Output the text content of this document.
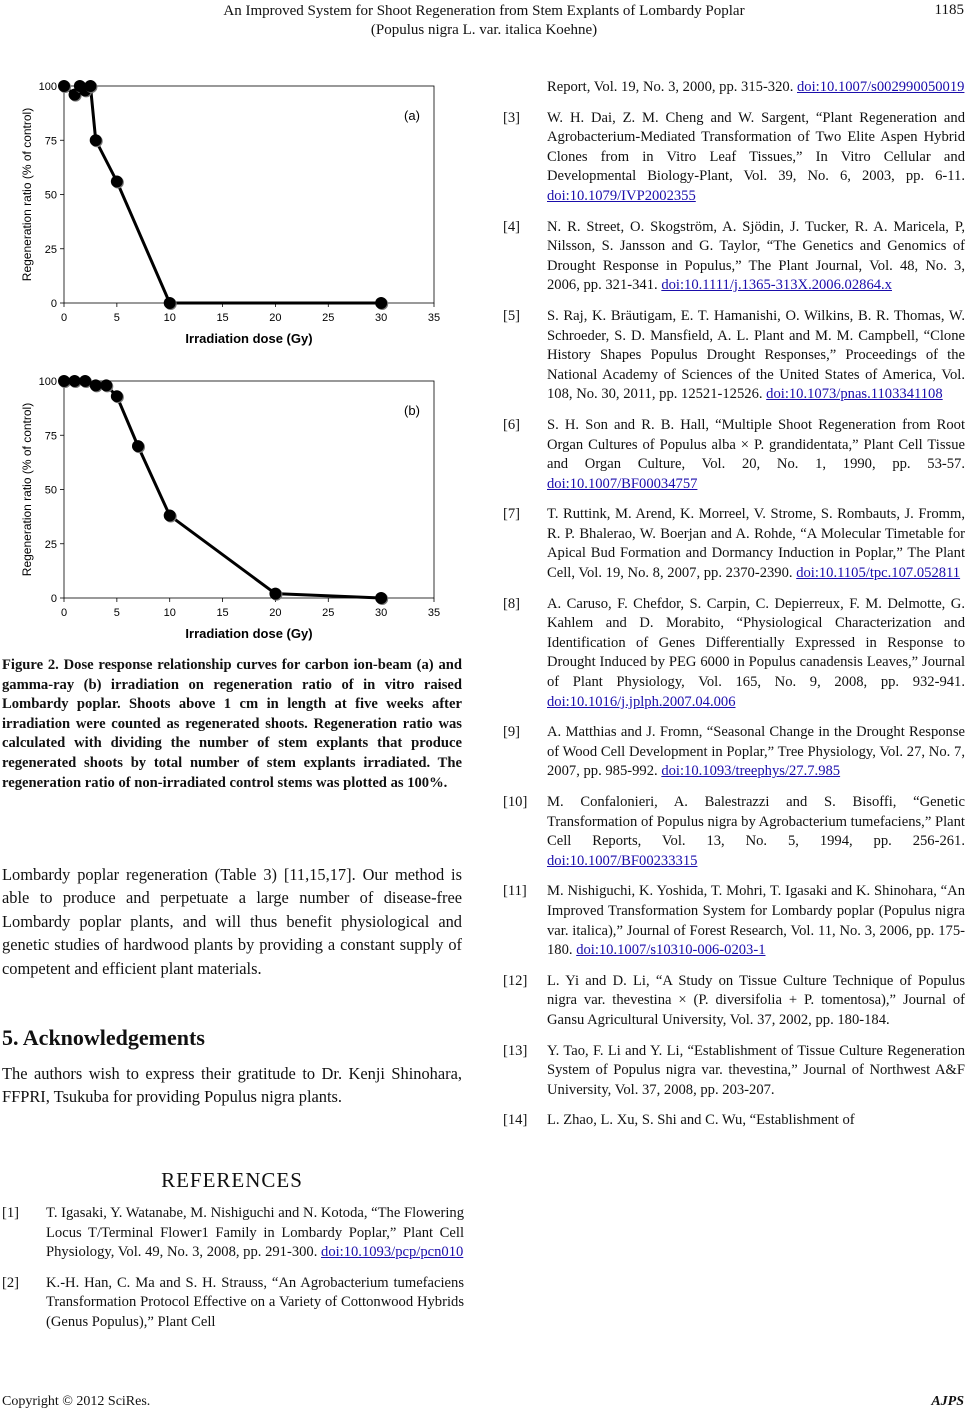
An Improved System for Shoot Regeneration from Stem Explants of Lombardy Poplar
(Populus nigra L. var. italica Koehne)
1185
0	5	10	15	20	25	30	35
0
25
50
75
100
Irradiation dose (Gy)
Regeneration ratio (% of control)	(a)
0	5	10	15	20	25	30	35
0
25
50
75
100
Irradiation dose (Gy)
Regeneration ratio (% of control)	(b)
Figure 2. Dose response relationship curves for carbon ion-beam (a) and gamma-ray (b) irradiation on regeneration ratio of in vitro raised Lombardy poplar. Shoots above 1 cm in length at five weeks after irradiation were counted as regenerated shoots. Regeneration ratio was calculated with dividing the number of stem explants that produce regenerated shoots by total number of stem explants irradiated. The regeneration ratio of non-irradiated control stems was plotted as 100%.
Lombardy poplar regeneration (Table 3) [11,15,17]. Our method is able to produce and perpetuate a large number of disease-free Lombardy poplar plants, and will thus benefit physiological and genetic studies of hardwood plants by providing a constant supply of competent and efficient plant materials.
5. Acknowledgements
The authors wish to express their gratitude to Dr. Kenji Shinohara, FFPRI, Tsukuba for providing Populus nigra plants.
REFERENCES
[1] T. Igasaki, Y. Watanabe, M. Nishiguchi and N. Kotoda, “The Flowering Locus T/Terminal Flower1 Family in Lombardy Poplar,” Plant Cell Physiology, Vol. 49, No. 3, 2008, pp. 291-300. doi:10.1093/pcp/pcn010
[2] K.-H. Han, C. Ma and S. H. Strauss, “An Agrobacterium tumefaciens Transformation Protocol Effective on a Variety of Cottonwood Hybrids (Genus Populus),” Plant Cell
Report, Vol. 19, No. 3, 2000, pp. 315-320. doi:10.1007/s002990050019
[3] W. H. Dai, Z. M. Cheng and W. Sargent, “Plant Regeneration and Agrobacterium-Mediated Transformation of Two Elite Aspen Hybrid Clones from in Vitro Leaf Tissues,” In Vitro Cellular and Developmental Biology-Plant, Vol. 39, No. 6, 2003, pp. 6-11. doi:10.1079/IVP2002355
[4] N. R. Street, O. Skogström, A. Sjödin, J. Tucker, R. A. Maricela, P, Nilsson, S. Jansson and G. Taylor, “The Genetics and Genomics of Drought Response in Populus,” The Plant Journal, Vol. 48, No. 3, 2006, pp. 321-341. doi:10.1111/j.1365-313X.2006.02864.x
[5] S. Raj, K. Bräutigam, E. T. Hamanishi, O. Wilkins, B. R. Thomas, W. Schroeder, S. D. Mansfield, A. L. Plant and M. M. Campbell, “Clone History Shapes Populus Drought Responses,” Proceedings of the National Academy of Sciences of the United States of America, Vol. 108, No. 30, 2011, pp. 12521-12526. doi:10.1073/pnas.1103341108
[6] S. H. Son and R. B. Hall, “Multiple Shoot Regeneration from Root Organ Cultures of Populus alba × P. grandidentata,” Plant Cell Tissue and Organ Culture, Vol. 20, No. 1, 1990, pp. 53-57. doi:10.1007/BF00034757
[7] T. Ruttink, M. Arend, K. Morreel, V. Strome, S. Rombauts, J. Fromm, R. P. Bhalerao, W. Boerjan and A. Rohde, “A Molecular Timetable for Apical Bud Formation and Dormancy Induction in Poplar,” The Plant Cell, Vol. 19, No. 8, 2007, pp. 2370-2390. doi:10.1105/tpc.107.052811
[8] A. Caruso, F. Chefdor, S. Carpin, C. Depierreux, F. M. Delmotte, G. Kahlem and D. Morabito, “Physiological Characterization and Identification of Genes Differentially Expressed in Response to Drought Induced by PEG 6000 in Populus canadensis Leaves,” Journal of Plant Physiology, Vol. 165, No. 9, 2008, pp. 932-941. doi:10.1016/j.jplph.2007.04.006
[9] A. Matthias and J. Fromn, “Seasonal Change in the Drought Response of Wood Cell Development in Poplar,” Tree Physiology, Vol. 27, No. 7, 2007, pp. 985-992. doi:10.1093/treephys/27.7.985
[10] M. Confalonieri, A. Balestrazzi and S. Bisoffi, “Genetic Transformation of Populus nigra by Agrobacterium tumefaciens,” Plant Cell Reports, Vol. 13, No. 5, 1994, pp. 256-261. doi:10.1007/BF00233315
[11] M. Nishiguchi, K. Yoshida, T. Mohri, T. Igasaki and K. Shinohara, “An Improved Transformation System for Lombardy poplar (Populus nigra var. italica),” Journal of Forest Research, Vol. 11, No. 3, 2006, pp. 175-180. doi:10.1007/s10310-006-0203-1
[12] L. Yi and D. Li, “A Study on Tissue Culture Technique of Populus nigra var. thevestina × (P. diversifolia + P. tomentosa),” Journal of Gansu Agricultural University, Vol. 37, 2002, pp. 180-184.
[13] Y. Tao, F. Li and Y. Li, “Establishment of Tissue Culture Regeneration System of Populus nigra var. thevestina,” Journal of Northwest A&F University, Vol. 37, 2008, pp. 203-207.
[14] L. Zhao, L. Xu, S. Shi and C. Wu, “Establishment of
Copyright © 2012 SciRes.	AJPS
